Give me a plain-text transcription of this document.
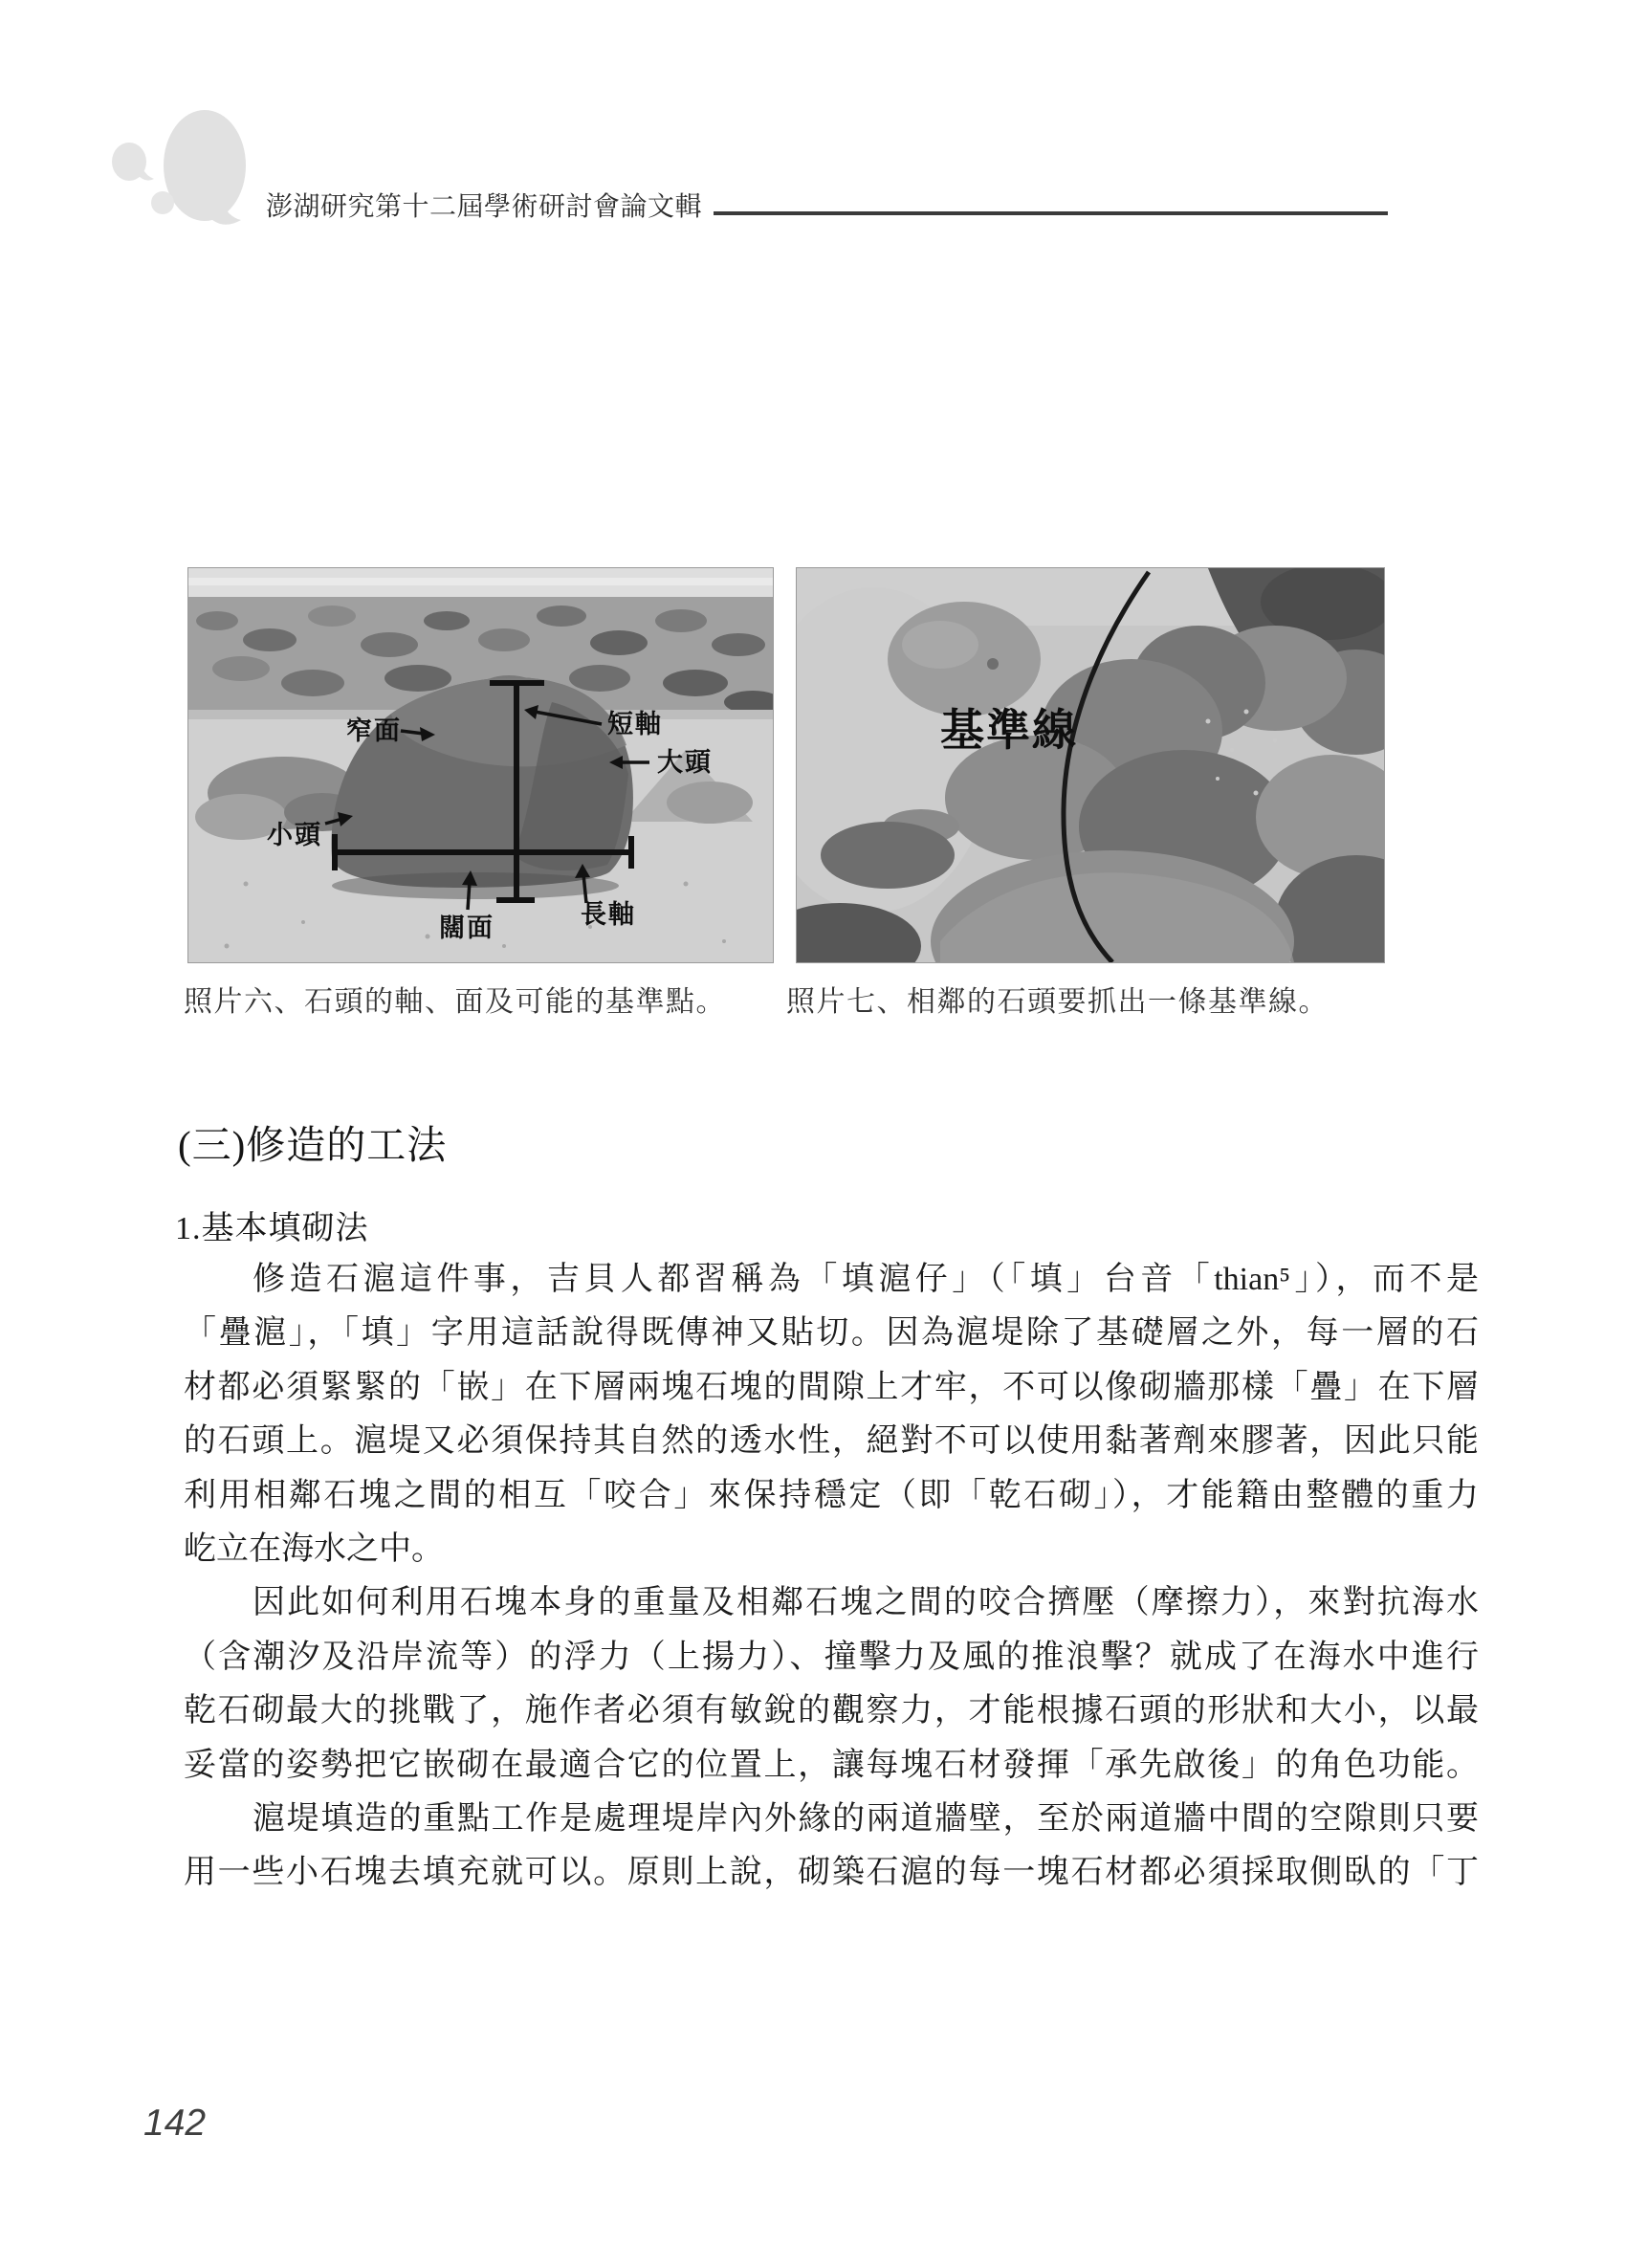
澎湖研究第十二屆學術研討會論文輯
窄面	短軸
大頭
小頭
闊面	長軸
基準線
照片六、石頭的軸、面及可能的基準點。 照片七、相鄰的石頭要抓出一條基準線。
(三)修造的工法
1.基本填砌法
修造石滬這件事，吉貝人都習稱為「填滬仔」（「填」台音「thian⁵」），而不是
「疊滬」，「填」字用這話說得既傳神又貼切。因為滬堤除了基礎層之外，每一層的石
材都必須緊緊的「嵌」在下層兩塊石塊的間隙上才牢，不可以像砌牆那樣「疊」在下層
的石頭上。滬堤又必須保持其自然的透水性，絕對不可以使用黏著劑來膠著，因此只能
利用相鄰石塊之間的相互「咬合」來保持穩定（即「乾石砌」），才能籍由整體的重力
屹立在海水之中。
因此如何利用石塊本身的重量及相鄰石塊之間的咬合擠壓（摩擦力），來對抗海水
（含潮汐及沿岸流等）的浮力（上揚力）、撞擊力及風的推浪擊？就成了在海水中進行
乾石砌最大的挑戰了，施作者必須有敏銳的觀察力，才能根據石頭的形狀和大小，以最
妥當的姿勢把它嵌砌在最適合它的位置上，讓每塊石材發揮「承先啟後」的角色功能。
滬堤填造的重點工作是處理堤岸內外緣的兩道牆壁，至於兩道牆中間的空隙則只要
用一些小石塊去填充就可以。原則上說，砌築石滬的每一塊石材都必須採取側臥的「丁
142
